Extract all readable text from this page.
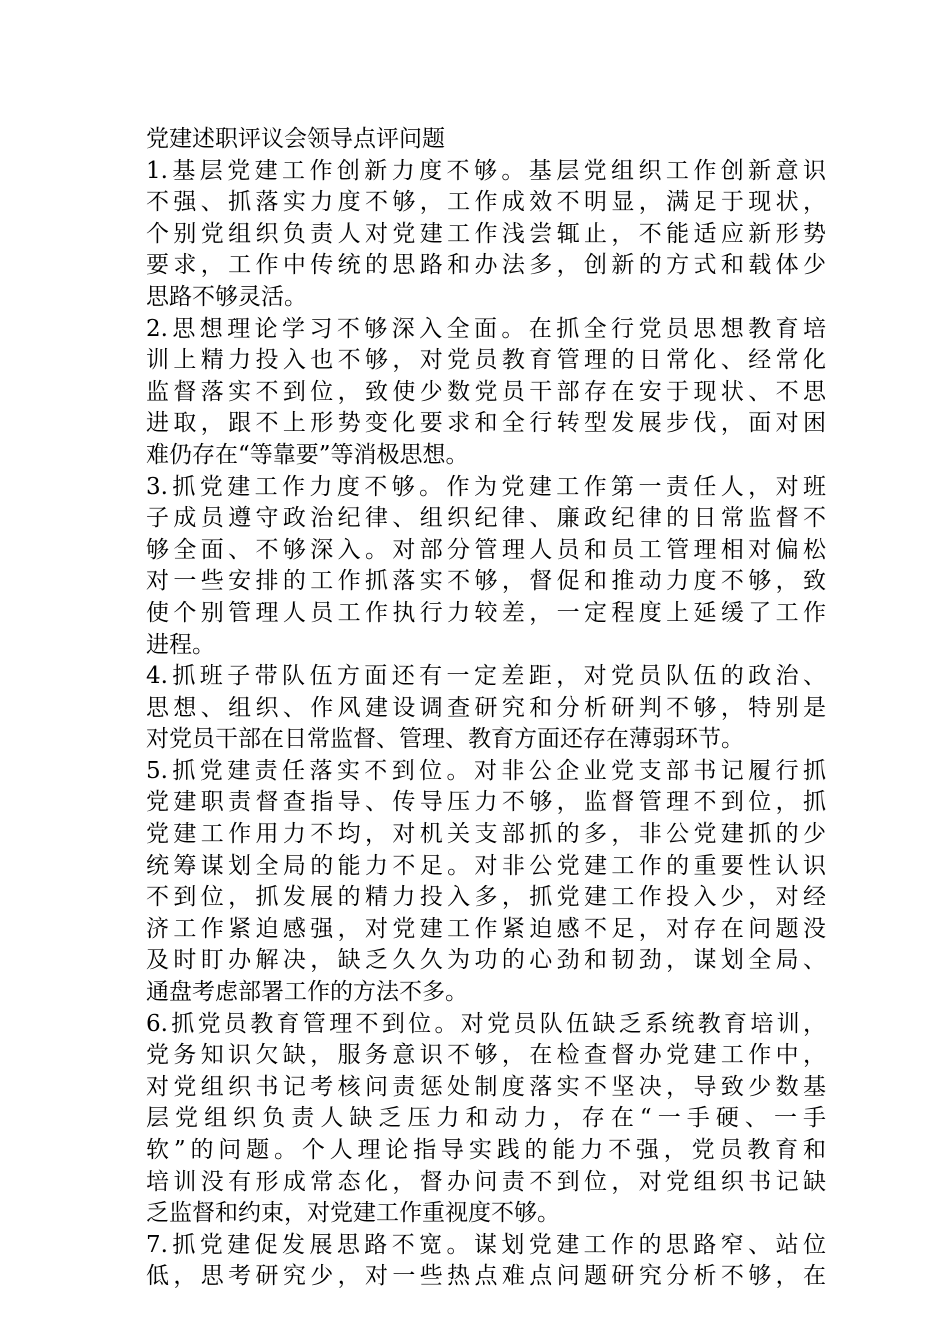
党建述职评议会领导点评问题
1.基层党建工作创新力度不够。基层党组织工作创新意识
不强、抓落实力度不够，工作成效不明显，满足于现状，
个别党组织负责人对党建工作浅尝辄止，不能适应新形势
要求，工作中传统的思路和办法多，创新的方式和载体少
思路不够灵活。
2.思想理论学习不够深入全面。在抓全行党员思想教育培
训上精力投入也不够，对党员教育管理的日常化、经常化
监督落实不到位，致使少数党员干部存在安于现状、不思
进取，跟不上形势变化要求和全行转型发展步伐，面对困
难仍存在“等靠要”等消极思想。
3.抓党建工作力度不够。作为党建工作第一责任人，对班
子成员遵守政治纪律、组织纪律、廉政纪律的日常监督不
够全面、不够深入。对部分管理人员和员工管理相对偏松
对一些安排的工作抓落实不够，督促和推动力度不够，致
使个别管理人员工作执行力较差，一定程度上延缓了工作
进程。
4.抓班子带队伍方面还有一定差距，对党员队伍的政治、
思想、组织、作风建设调查研究和分析研判不够，特别是
对党员干部在日常监督、管理、教育方面还存在薄弱环节。
5.抓党建责任落实不到位。对非公企业党支部书记履行抓
党建职责督查指导、传导压力不够，监督管理不到位，抓
党建工作用力不均，对机关支部抓的多，非公党建抓的少
统筹谋划全局的能力不足。对非公党建工作的重要性认识
不到位，抓发展的精力投入多，抓党建工作投入少，对经
济工作紧迫感强，对党建工作紧迫感不足，对存在问题没
及时盯办解决，缺乏久久为功的心劲和韧劲，谋划全局、
通盘考虑部署工作的方法不多。
6.抓党员教育管理不到位。对党员队伍缺乏系统教育培训，
党务知识欠缺，服务意识不够，在检查督办党建工作中，
对党组织书记考核问责惩处制度落实不坚决，导致少数基
层党组织负责人缺乏压力和动力，存在“一手硬、一手
软”的问题。个人理论指导实践的能力不强，党员教育和
培训没有形成常态化，督办问责不到位，对党组织书记缺
乏监督和约束，对党建工作重视度不够。
7.抓党建促发展思路不宽。谋划党建工作的思路窄、站位
低，思考研究少，对一些热点难点问题研究分析不够，在
